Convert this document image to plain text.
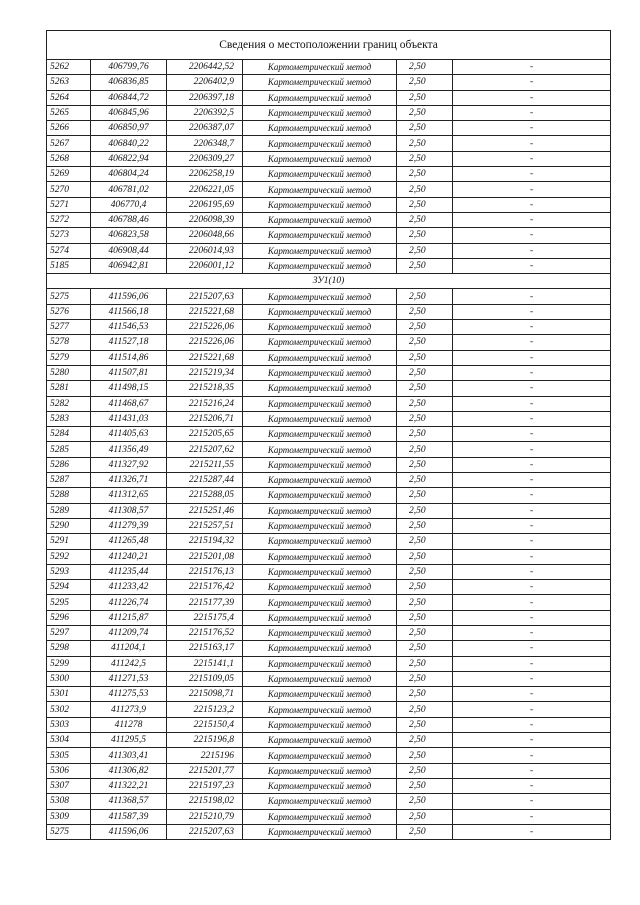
Сведения о местоположении границ объекта					
5262	406799,76	2206442,52	Картометрический метод	2,50	-
5263	406836,85	2206402,9	Картометрический метод	2,50	-
5264	406844,72	2206397,18	Картометрический метод	2,50	-
5265	406845,96	2206392,5	Картометрический метод	2,50	-
5266	406850,97	2206387,07	Картометрический метод	2,50	-
5267	406840,22	2206348,7	Картометрический метод	2,50	-
5268	406822,94	2206309,27	Картометрический метод	2,50	-
5269	406804,24	2206258,19	Картометрический метод	2,50	-
5270	406781,02	2206221,05	Картометрический метод	2,50	-
5271	406770,4	2206195,69	Картометрический метод	2,50	-
5272	406788,46	2206098,39	Картометрический метод	2,50	-
5273	406823,58	2206048,66	Картометрический метод	2,50	-
5274	406908,44	2206014,93	Картометрический метод	2,50	-
5185	406942,81	2206001,12	Картометрический метод	2,50	-
ЗУ1(10)					
5275	411596,06	2215207,63	Картометрический метод	2,50	-
5276	411566,18	2215221,68	Картометрический метод	2,50	-
5277	411546,53	2215226,06	Картометрический метод	2,50	-
5278	411527,18	2215226,06	Картометрический метод	2,50	-
5279	411514,86	2215221,68	Картометрический метод	2,50	-
5280	411507,81	2215219,34	Картометрический метод	2,50	-
5281	411498,15	2215218,35	Картометрический метод	2,50	-
5282	411468,67	2215216,24	Картометрический метод	2,50	-
5283	411431,03	2215206,71	Картометрический метод	2,50	-
5284	411405,63	2215205,65	Картометрический метод	2,50	-
5285	411356,49	2215207,62	Картометрический метод	2,50	-
5286	411327,92	2215211,55	Картометрический метод	2,50	-
5287	411326,71	2215287,44	Картометрический метод	2,50	-
5288	411312,65	2215288,05	Картометрический метод	2,50	-
5289	411308,57	2215251,46	Картометрический метод	2,50	-
5290	411279,39	2215257,51	Картометрический метод	2,50	-
5291	411265,48	2215194,32	Картометрический метод	2,50	-
5292	411240,21	2215201,08	Картометрический метод	2,50	-
5293	411235,44	2215176,13	Картометрический метод	2,50	-
5294	411233,42	2215176,42	Картометрический метод	2,50	-
5295	411226,74	2215177,39	Картометрический метод	2,50	-
5296	411215,87	2215175,4	Картометрический метод	2,50	-
5297	411209,74	2215176,52	Картометрический метод	2,50	-
5298	411204,1	2215163,17	Картометрический метод	2,50	-
5299	411242,5	2215141,1	Картометрический метод	2,50	-
5300	411271,53	2215109,05	Картометрический метод	2,50	-
5301	411275,53	2215098,71	Картометрический метод	2,50	-
5302	411273,9	2215123,2	Картометрический метод	2,50	-
5303	411278	2215150,4	Картометрический метод	2,50	-
5304	411295,5	2215196,8	Картометрический метод	2,50	-
5305	411303,41	2215196	Картометрический метод	2,50	-
5306	411306,82	2215201,77	Картометрический метод	2,50	-
5307	411322,21	2215197,23	Картометрический метод	2,50	-
5308	411368,57	2215198,02	Картометрический метод	2,50	-
5309	411587,39	2215210,79	Картометрический метод	2,50	-
5275	411596,06	2215207,63	Картометрический метод	2,50	-
